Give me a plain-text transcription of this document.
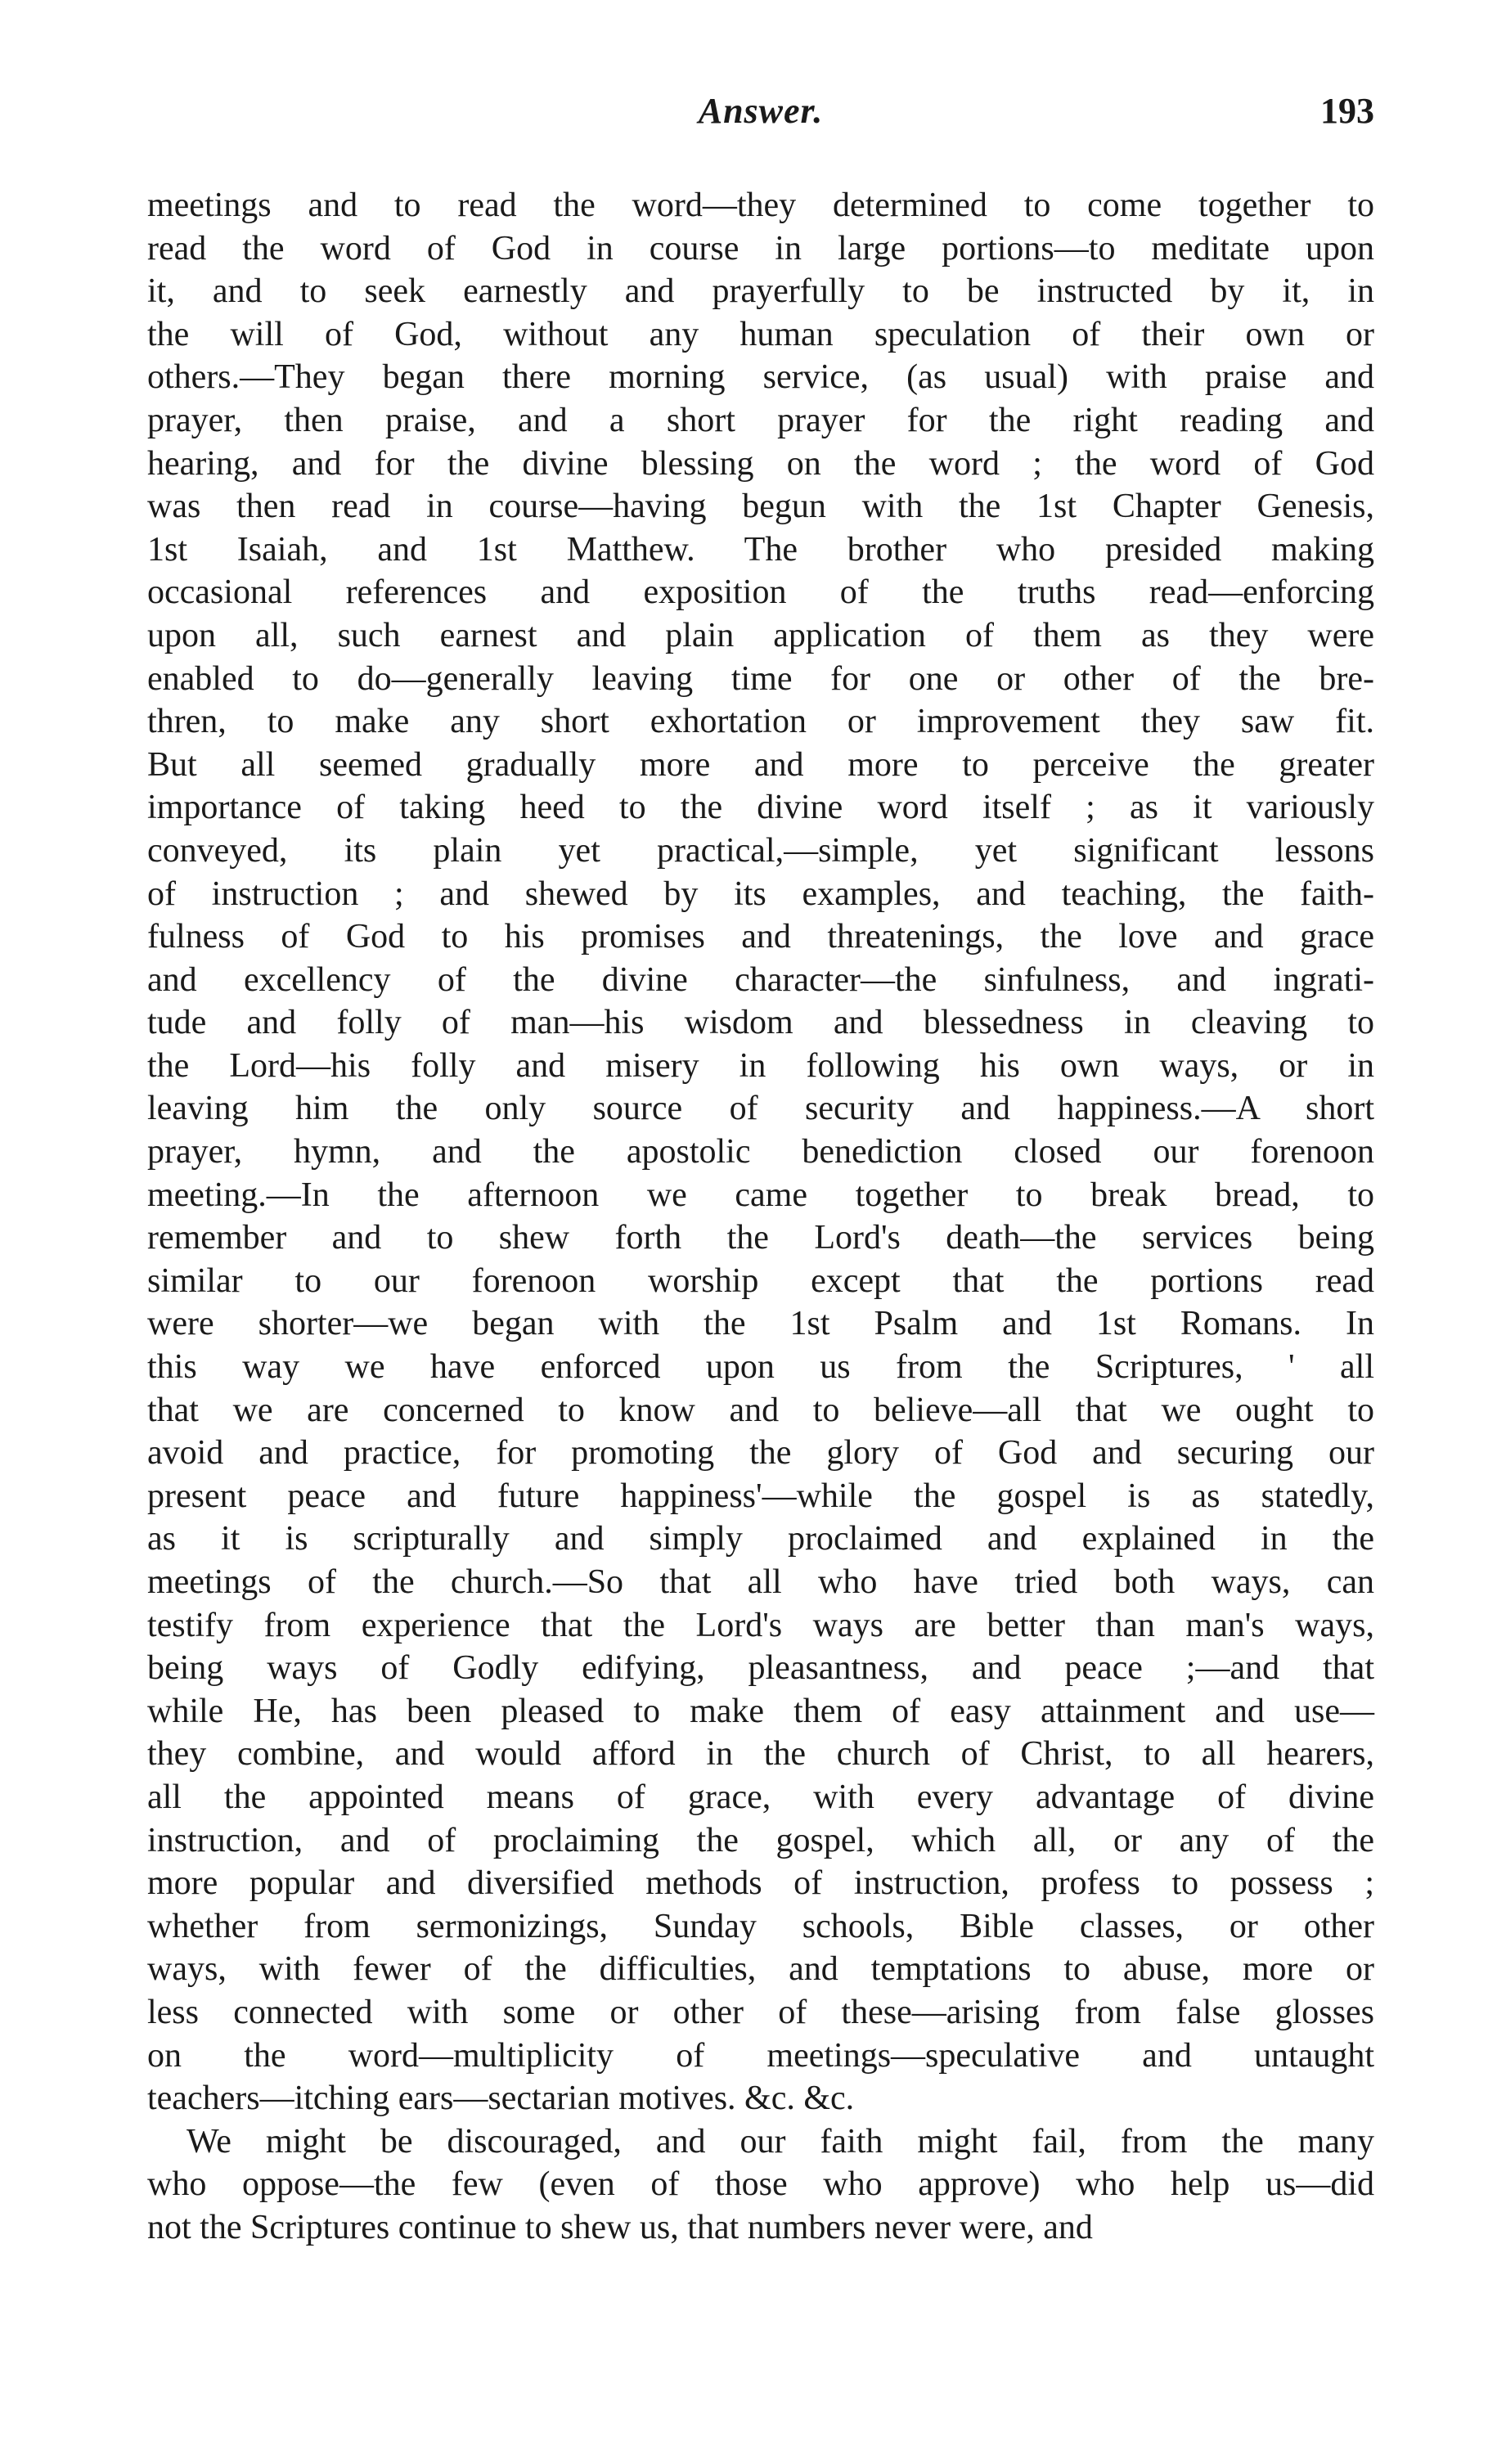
Answer.	193
meetings and to read the word—they determined to come together to
read the word of God in course in large portions—to meditate upon
it, and to seek earnestly and prayerfully to be instructed by it, in
the will of God, without any human speculation of their own or
others.—They began there morning service, (as usual) with praise and
prayer, then praise, and a short prayer for the right reading and
hearing, and for the divine blessing on the word ; the word of God
was then read in course—having begun with the 1st Chapter Genesis,
1st Isaiah, and 1st Matthew. The brother who presided making
occasional references and exposition of the truths read—enforcing
upon all, such earnest and plain application of them as they were
enabled to do—generally leaving time for one or other of the bre-
thren, to make any short exhortation or improvement they saw fit.
But all seemed gradually more and more to perceive the greater
importance of taking heed to the divine word itself ; as it variously
conveyed, its plain yet practical,—simple, yet significant lessons
of instruction ; and shewed by its examples, and teaching, the faith-
fulness of God to his promises and threatenings, the love and grace
and excellency of the divine character—the sinfulness, and ingrati-
tude and folly of man—his wisdom and blessedness in cleaving to
the Lord—his folly and misery in following his own ways, or in
leaving him the only source of security and happiness.—A short
prayer, hymn, and the apostolic benediction closed our forenoon
meeting.—In the afternoon we came together to break bread, to
remember and to shew forth the Lord's death—the services being
similar to our forenoon worship except that the portions read
were shorter—we began with the 1st Psalm and 1st Romans. In
this way we have enforced upon us from the Scriptures, ' all
that we are concerned to know and to believe—all that we ought to
avoid and practice, for promoting the glory of God and securing our
present peace and future happiness'—while the gospel is as statedly,
as it is scripturally and simply proclaimed and explained in the
meetings of the church.—So that all who have tried both ways, can
testify from experience that the Lord's ways are better than man's ways,
being ways of Godly edifying, pleasantness, and peace ;—and that
while He, has been pleased to make them of easy attainment and use—
they combine, and would afford in the church of Christ, to all hearers,
all the appointed means of grace, with every advantage of divine
instruction, and of proclaiming the gospel, which all, or any of the
more popular and diversified methods of instruction, profess to possess ;
whether from sermonizings, Sunday schools, Bible classes, or other
ways, with fewer of the difficulties, and temptations to abuse, more or
less connected with some or other of these—arising from false glosses
on the word—multiplicity of meetings—speculative and untaught
teachers—itching ears—sectarian motives. &c. &c.
We might be discouraged, and our faith might fail, from the many
who oppose—the few (even of those who approve) who help us—did
not the Scriptures continue to shew us, that numbers never were, and
